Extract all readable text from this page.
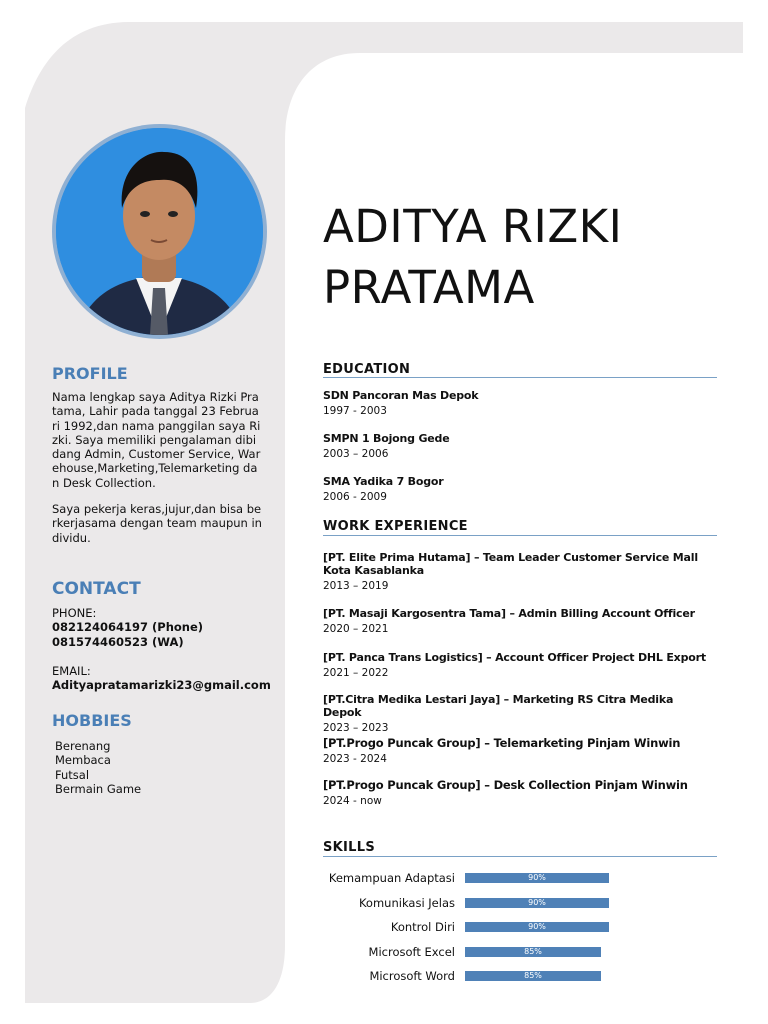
PROFILE

Nama lengkap saya Aditya Rizki Pratama, Lahir pada tanggal 23 Februari 1992,dan nama panggilan saya Rizki. Saya memiliki pengalaman dibidang Admin, Customer Service, Warehouse,Marketing,Telemarketing dan Desk Collection.

Saya pekerja keras,jujur,dan bisa berkerjasama dengan team maupun individu.

CONTACT
PHONE:
082124064197 (Phone)
081574460523 (WA)
EMAIL:
Adityapratamarizki23@gmail.com
HOBBIES
Berenang
Membaca
Futsal
Bermain Game
ADITYA RIZKI
PRATAMA
EDUCATION
SDN Pancoran Mas Depok
1997 - 2003
SMPN 1 Bojong Gede
2003 – 2006
SMA Yadika 7 Bogor
2006 - 2009
WORK EXPERIENCE
[PT. Elite Prima Hutama] – Team Leader Customer Service Mall Kota Kasablanka
2013 – 2019
[PT. Masaji Kargosentra Tama] – Admin Billing Account Officer
2020 – 2021
[PT. Panca Trans Logistics] – Account Officer Project DHL Export
2021 – 2022
[PT.Citra Medika Lestari Jaya] – Marketing RS Citra Medika Depok
2023 – 2023
[PT.Progo Puncak Group] – Telemarketing Pinjam Winwin
2023 - 2024
[PT.Progo Puncak Group] – Desk Collection Pinjam Winwin
2024 - now
SKILLS
Kemampuan Adaptasi	90%
Komunikasi Jelas	90%
Kontrol Diri	90%
Microsoft Excel	85%
Microsoft Word	85%
